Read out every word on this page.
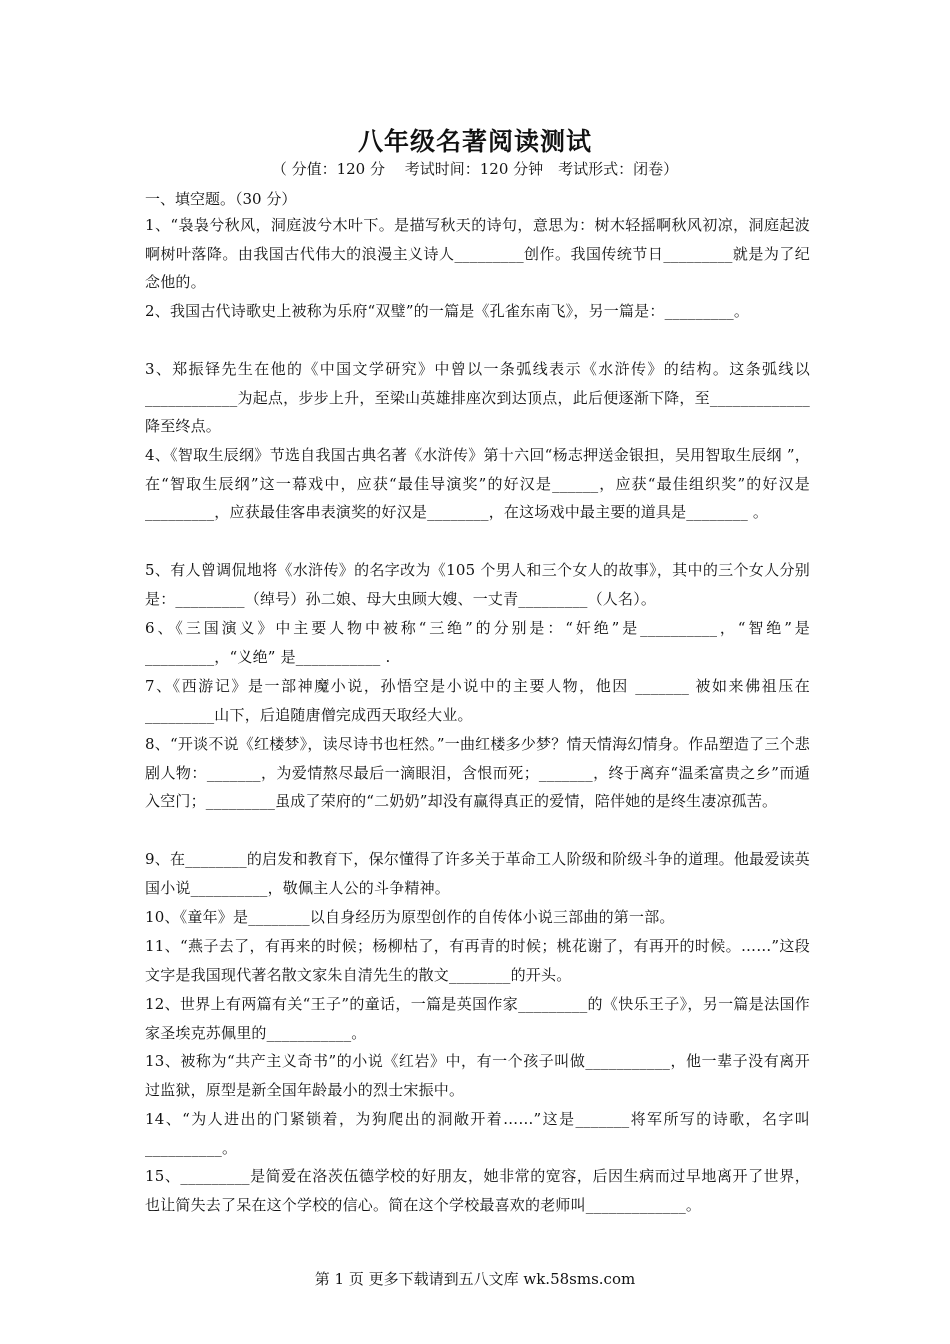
八年级名著阅读测试
（ 分值：120 分　 考试时间：120 分钟　考试形式：闭卷）
一、填空题。（30 分）
1、“袅袅兮秋风，洞庭波兮木叶下。是描写秋天的诗句，意思为：树木轻摇啊秋风初凉，洞庭起波啊树叶落降。由我国古代伟大的浪漫主义诗人_________创作。我国传统节日_________就是为了纪念他的。
2、我国古代诗歌史上被称为乐府“双璧”的一篇是《孔雀东南飞》，另一篇是：_________。
3、郑振铎先生在他的《中国文学研究》中曾以一条弧线表示《水浒传》的结构。这条弧线以____________为起点，步步上升，至梁山英雄排座次到达顶点，此后便逐渐下降，至_____________降至终点。
4、《智取生辰纲》节选自我国古典名著《水浒传》第十六回“杨志押送金银担，吴用智取生辰纲 ”，在“智取生辰纲”这一幕戏中，应获“最佳导演奖”的好汉是______，应获“最佳组织奖”的好汉是_________，应获最佳客串表演奖的好汉是________，在这场戏中最主要的道具是________ 。
5、有人曾调侃地将《水浒传》的名字改为《105 个男人和三个女人的故事》，其中的三个女人分别是：_________（绰号）孙二娘、母大虫顾大嫂、一丈青_________（人名）。
6、《三国演义》中主要人物中被称“三绝”的分别是：“奸绝”是__________，“智绝”是_________，“义绝” 是___________ .
7、《西游记》是一部神魔小说，孙悟空是小说中的主要人物，他因 _______ 被如来佛祖压在_________山下，后追随唐僧完成西天取经大业。
8、“开谈不说《红楼梦》，读尽诗书也枉然。”一曲红楼多少梦？情天情海幻情身。作品塑造了三个悲剧人物：_______，为爱情熬尽最后一滴眼泪，含恨而死；_______，终于离弃“温柔富贵之乡”而遁入空门；_________虽成了荣府的“二奶奶”却没有赢得真正的爱情，陪伴她的是终生凄凉孤苦。
9、在________的启发和教育下，保尔懂得了许多关于革命工人阶级和阶级斗争的道理。他最爱读英国小说__________，敬佩主人公的斗争精神。
10、《童年》是________以自身经历为原型创作的自传体小说三部曲的第一部。
11、“燕子去了，有再来的时候；杨柳枯了，有再青的时候；桃花谢了，有再开的时候。……”这段文字是我国现代著名散文家朱自清先生的散文________的开头。
12、世界上有两篇有关“王子”的童话，一篇是英国作家_________的《快乐王子》，另一篇是法国作家圣埃克苏佩里的___________。
13、被称为“共产主义奇书”的小说《红岩》中，有一个孩子叫做___________，他一辈子没有离开过监狱，原型是新全国年龄最小的烈士宋振中。
14、“为人进出的门紧锁着，为狗爬出的洞敞开着……”这是_______将军所写的诗歌，名字叫__________。
15、_________是简爱在洛茨伍德学校的好朋友，她非常的宽容，后因生病而过早地离开了世界，也让简失去了呆在这个学校的信心。简在这个学校最喜欢的老师叫_____________。
第 1 页 更多下载请到五八文库 wk.58sms.com
